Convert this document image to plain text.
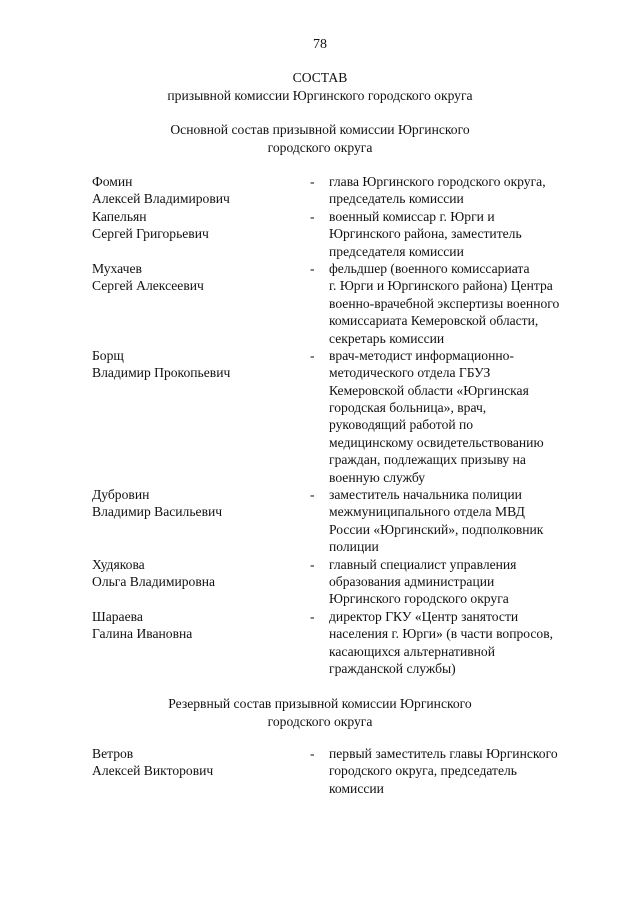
78
СОСТАВ
призывной комиссии Юргинского городского округа
Основной состав призывной комиссии Юргинского
городского округа
Фомин
Алексей Владимирович
-	глава Юргинского городского округа,
председатель комиссии
Капельян
Сергей Григорьевич
-	военный комиссар г. Юрги и
Юргинского района, заместитель
председателя комиссии
Мухачев
Сергей Алексеевич
-	фельдшер (военного комиссариата
г. Юрги и Юргинского района) Центра
военно-врачебной экспертизы военного
комиссариата Кемеровской области,
секретарь комиссии
Борщ
Владимир Прокопьевич
-	врач-методист информационно-
методического отдела ГБУЗ
Кемеровской области «Юргинская
городская больница», врач,
руководящий работой по
медицинскому освидетельствованию
граждан, подлежащих призыву на
военную службу
Дубровин
Владимир Васильевич
-	заместитель начальника полиции
межмуниципального отдела МВД
России «Юргинский», подполковник
полиции
Худякова
Ольга Владимировна
-	главный специалист управления
образования администрации
Юргинского городского округа
Шараева
Галина Ивановна
-	директор ГКУ «Центр занятости
населения г. Юрги» (в части вопросов,
касающихся альтернативной
гражданской службы)
Резервный состав призывной комиссии Юргинского
городского округа
Ветров
Алексей Викторович
-	первый заместитель главы Юргинского
городского округа, председатель
комиссии
